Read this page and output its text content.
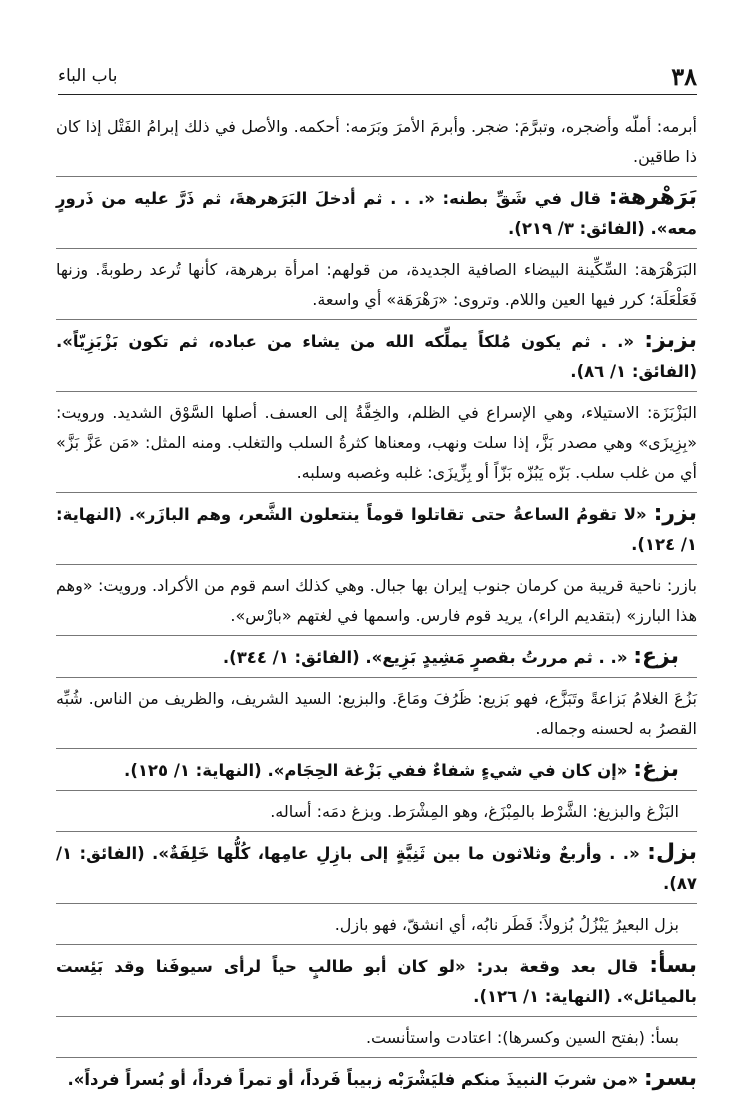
٣٨
باب الباء

أبرمه: أملّه وأضجره، وتبرَّمَ: ضجر. وأبرمَ الأمرَ وبَرَمه: أحكمه. والأصل في ذلك إبرامُ الفَتْل إذا كان ذا طاقين.

بَرَهْرهة: قال في شَقِّ بطنه: «. . . ثم أدخلَ البَرَهرهةَ، ثم ذَرَّ عليه من ذَرورٍ معه». (الفائق: ٣/ ٢١٩).

البَرَهْرَهة: السِّكِّينة البيضاء الصافية الجديدة، من قولهم: امرأة برهرهة، كأنها تُرعد رطوبةً. وزنها فَعَلْعَلَة؛ كرر فيها العين واللام. وتروى: «رَهْرَهَة» أي واسعة.

بزبز: «. . ثم يكون مُلكاً يملِّكه الله من يشاء من عباده، ثم تكون بَزْبَزِيّاً». (الفائق: ١/ ٨٦).

البَزْبَزَة: الاستيلاء، وهي الإسراع في الظلم، والخِفَّةُ إلى العسف. أصلها السَّوْق الشديد. ورويت: «بِزِيزَى» وهي مصدر بَزَّ، إذا سلت ونهب، ومعناها كثرةُ السلب والتغلب. ومنه المثل: «مَن عَزَّ بَزَّ» أي من غلب سلب. بَزّه يَبُزّه بَزّاً أو بِزِّيزَى: غلبه وغصبه وسلبه.

بزر: «لا تقومُ الساعةُ حتى تقاتلوا قوماً ينتعلون الشَّعر، وهم البازَر». (النهاية: ١/ ١٢٤).

بازر: ناحية قريبة من كرمان جنوب إيران بها جبال. وهي كذلك اسم قوم من الأكراد. ورويت: «وهم هذا البارز» (بتقديم الراء)، يريد قوم فارس. واسمها في لغتهم «بارْس».

بزع: «. . ثم مررتُ بقصرٍ مَشِيدٍ بَزِيع». (الفائق: ١/ ٣٤٤).

بَزُعَ الغلامُ بَزاعةً وتَبَزَّع، فهو بَزيع: ظَرُفَ ومَاعَ. والبزيع: السيد الشريف، والظريف من الناس. شُبِّه القصرُ به لحسنه وجماله.

بزغ: «إن كان في شيءٍ شفاءٌ ففي بَزْغة الحِجَام». (النهاية: ١/ ١٢٥).

البَزْغ والبزيغ: الشَّرْط بالمِبْزَغ، وهو المِشْرَط. وبزغ دمَه: أساله.

بزل: «. . وأربعٌ وثلاثون ما بين ثَنِيَّةٍ إلى بازِلِ عامِها، كُلُّها خَلِفَةٌ». (الفائق: ١/ ٨٧).

بزل البعيرُ يَبْزُلُ بُزولاً: فَطَر نابُه، أي انشقّ، فهو بازل.

بسأ: قال بعد وقعة بدر: «لو كان أبو طالبٍ حياً لرأى سيوفَنا وقد بَئِست بالميائل». (النهاية: ١/ ١٢٦).

بسأ: (بفتح السين وكسرها): اعتادت واستأنست.

بسر: «من شربَ النبيذَ منكم فليَشْرَبْه زبيباً فَرداً، أو تمراً فرداً، أو بُسراً فرداً».
